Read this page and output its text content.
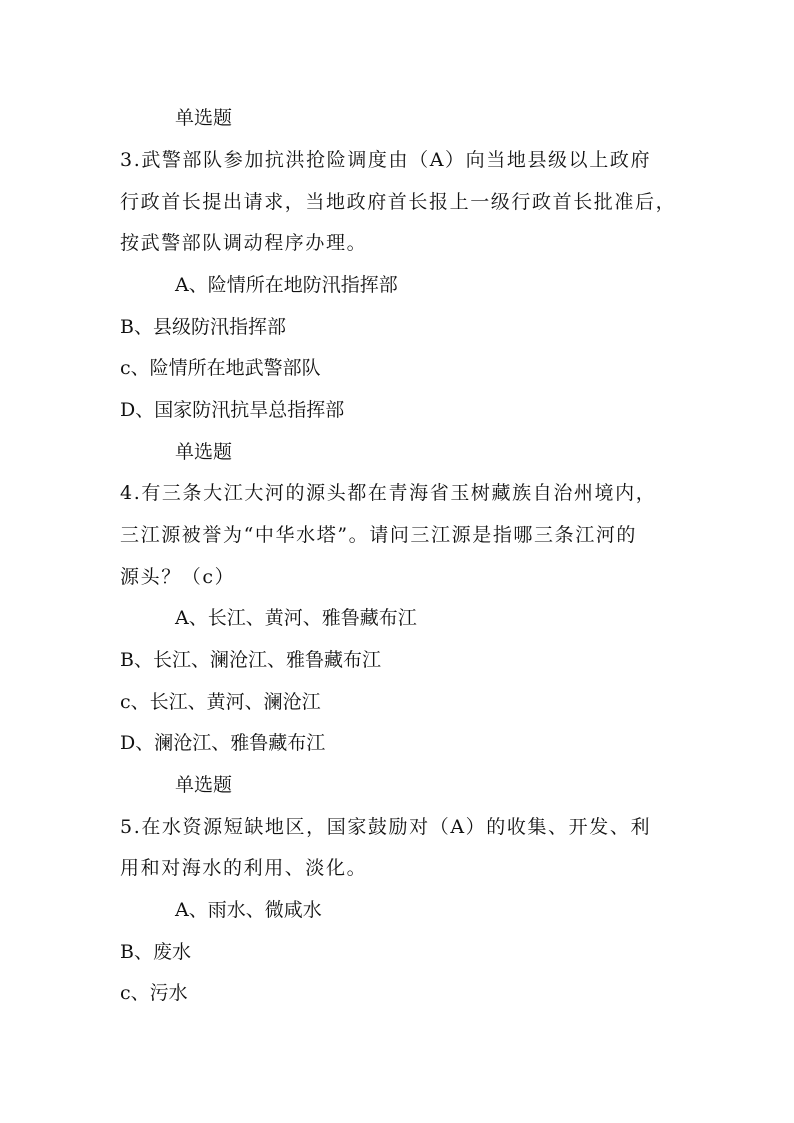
单选题
3.武警部队参加抗洪抢险调度由（A）向当地县级以上政府
行政首长提出请求，当地政府首长报上一级行政首长批准后，
按武警部队调动程序办理。
A、险情所在地防汛指挥部
B、县级防汛指挥部
c、险情所在地武警部队
D、国家防汛抗旱总指挥部
单选题
4.有三条大江大河的源头都在青海省玉树藏族自治州境内，
三江源被誉为“中华水塔”。请问三江源是指哪三条江河的
源头？（c）
A、长江、黄河、雅鲁藏布江
B、长江、澜沧江、雅鲁藏布江
c、长江、黄河、澜沧江
D、澜沧江、雅鲁藏布江
单选题
5.在水资源短缺地区，国家鼓励对（A）的收集、开发、利
用和对海水的利用、淡化。
A、雨水、微咸水
B、废水
c、污水
